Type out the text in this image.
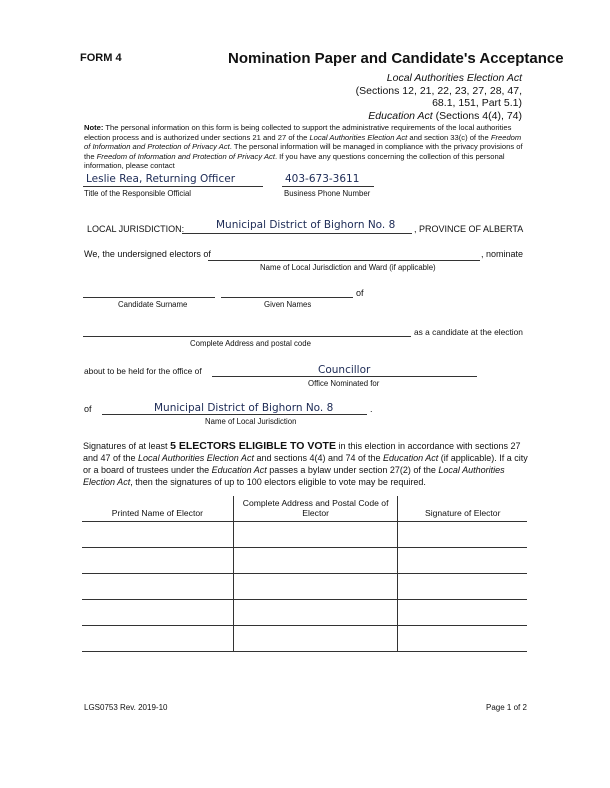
FORM 4	Nomination Paper and Candidate's Acceptance
Local Authorities Election Act
(Sections 12, 21, 22, 23, 27, 28, 47,
68.1, 151, Part 5.1)
Education Act (Sections 4(4), 74)
Note: The personal information on this form is being collected to support the administrative requirements of the local authorities election process and is authorized under sections 21 and 27 of the Local Authorities Election Act and section 33(c) of the Freedom of Information and Protection of Privacy Act. The personal information will be managed in compliance with the privacy provisions of the Freedom of Information and Protection of Privacy Act. If you have any questions concerning the collection of this personal information, please contact
Leslie Rea, Returning Officer
Title of the Responsible Official
403-673-3611
Business Phone Number
LOCAL JURISDICTION:	Municipal District of Bighorn No. 8 , PROVINCE OF ALBERTA
We, the undersigned electors of	, nominate
Name of Local Jurisdiction and Ward (if applicable)
Candidate Surname	Given Names
of
Complete Address and postal code
as a candidate at the election
about to be held for the office of	Councillor
Office Nominated for
of	Municipal District of Bighorn No. 8	.
Name of Local Jurisdiction
Signatures of at least 5 ELECTORS ELIGIBLE TO VOTE in this election in accordance with sections 27 and 47 of the Local Authorities Election Act and sections 4(4) and 74 of the Education Act (if applicable). If a city or a board of trustees under the Education Act passes a bylaw under section 27(2) of the Local Authorities Election Act, then the signatures of up to 100 electors eligible to vote may be required.
Printed Name of Elector	Complete Address and Postal Code of Elector	Signature of Elector

LGS0753 Rev. 2019-10	Page 1 of 2
